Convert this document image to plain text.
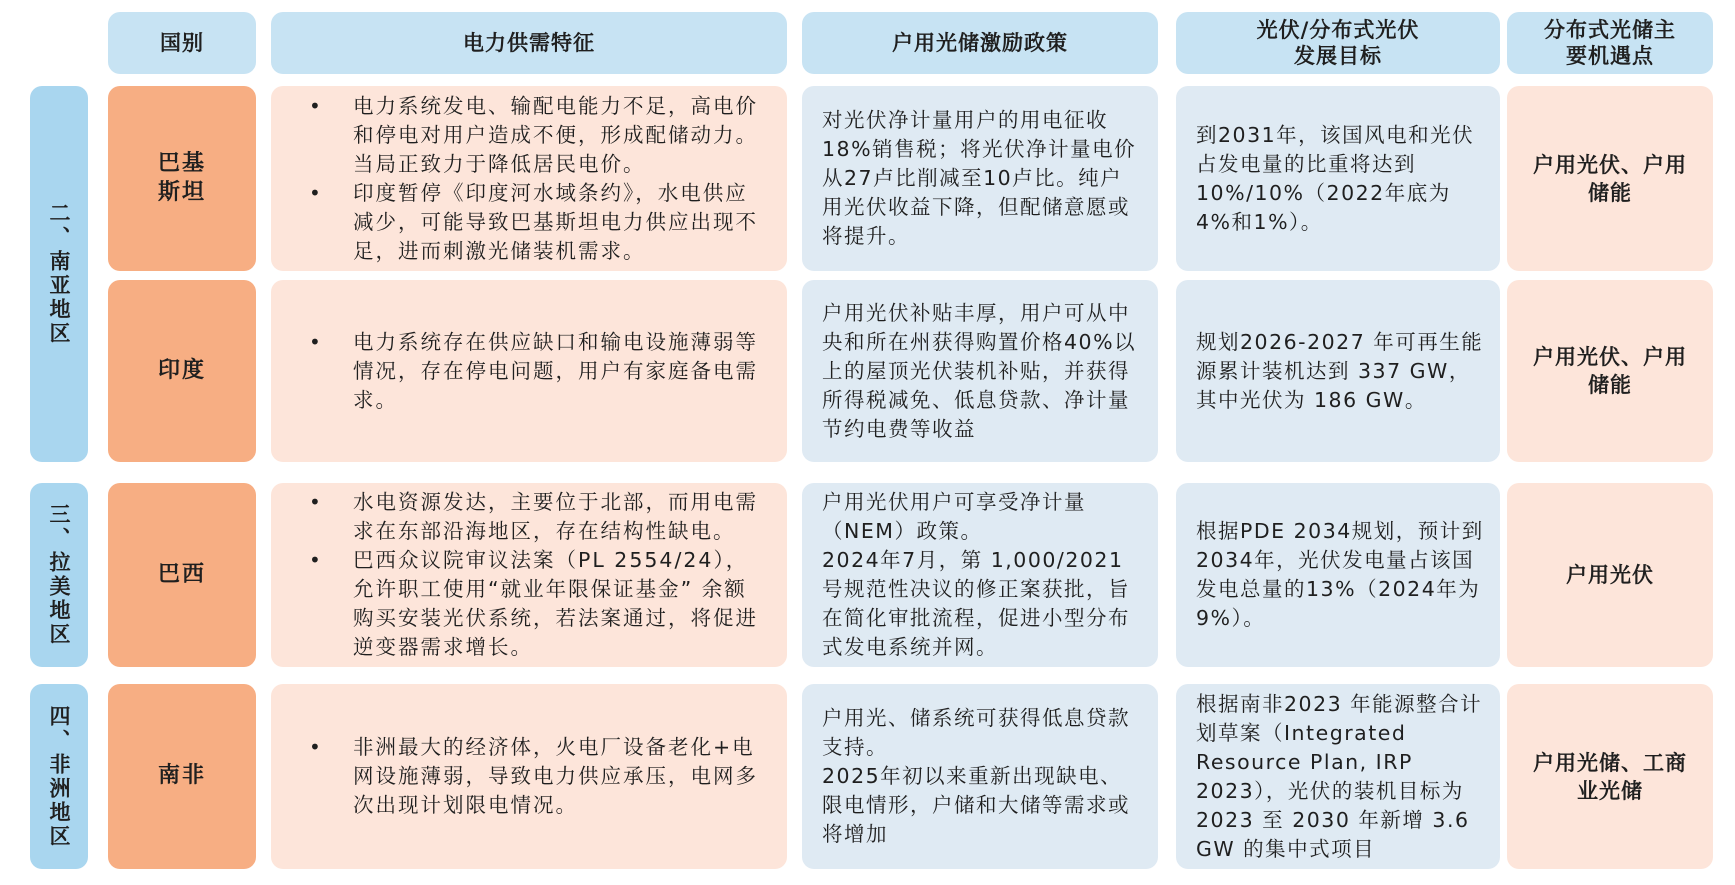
国别	电力供需特征	户用光储激励政策
光伏/分布式光伏
发展目标
分布式光储主
要机遇点
二、南亚地区
三、拉美地区
四、非洲地区
巴基
斯坦
• 电力系统发电、输配电能力不足，高电价和停电对用户造成不便，形成配储动力。当局正致力于降低居民电价。
• 印度暂停《印度河水域条约》，水电供应减少，可能导致巴基斯坦电力供应出现不足，进而刺激光储装机需求。
对光伏净计量用户的用电征收18%销售税；将光伏净计量电价从27卢比削减至10卢比。纯户用光伏收益下降，但配储意愿或将提升。
到2031年，该国风电和光伏占发电量的比重将达到10%/10%（2022年底为4%和1%）。
户用光伏、户用储能
印度
• 电力系统存在供应缺口和输电设施薄弱等情况，存在停电问题，用户有家庭备电需求。
户用光伏补贴丰厚，用户可从中央和所在州获得购置价格40%以上的屋顶光伏装机补贴，并获得所得税减免、低息贷款、净计量节约电费等收益
规划2026-2027 年可再生能源累计装机达到 337 GW，其中光伏为 186 GW。
户用光伏、户用储能
巴西
• 水电资源发达，主要位于北部，而用电需求在东部沿海地区，存在结构性缺电。
• 巴西众议院审议法案（PL 2554/24），允许职工使用“就业年限保证基金” 余额购买安装光伏系统，若法案通过，将促进逆变器需求增长。
户用光伏用户可享受净计量（NEM）政策。
2024年7月，第 1,000/2021 号规范性决议的修正案获批，旨在简化审批流程，促进小型分布式发电系统并网。
根据PDE 2034规划，预计到2034年，光伏发电量占该国发电总量的13%（2024年为9%）。
户用光伏
南非
• 非洲最大的经济体，火电厂设备老化+电网设施薄弱，导致电力供应承压，电网多次出现计划限电情况。
户用光、储系统可获得低息贷款支持。
2025年初以来重新出现缺电、限电情形，户储和大储等需求或将增加
根据南非2023 年能源整合计划草案（Integrated Resource Plan, IRP 2023），光伏的装机目标为 2023 至 2030 年新增 3.6 GW 的集中式项目
户用光储、工商业光储
